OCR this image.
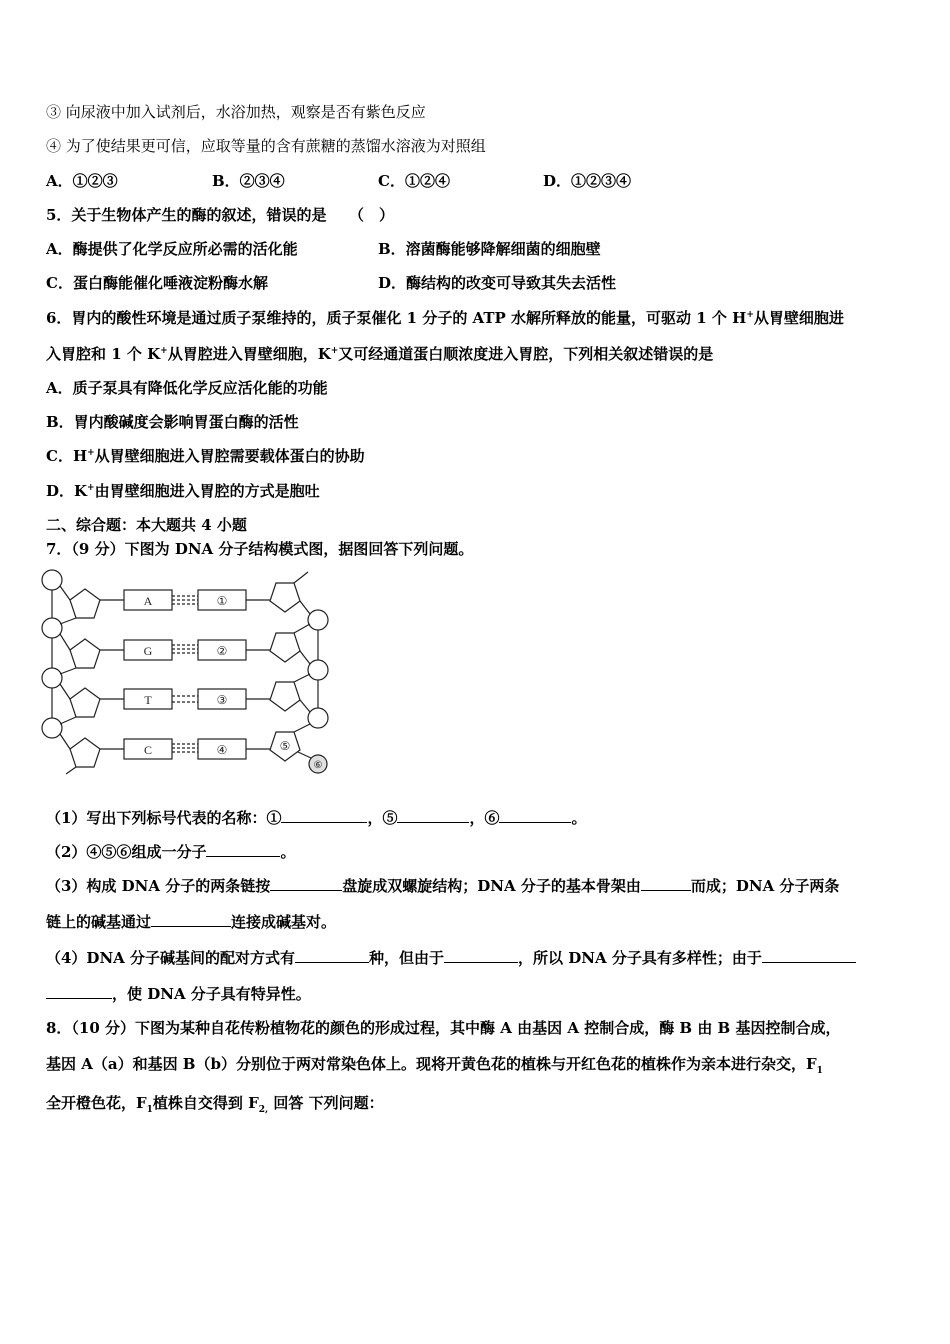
③ 向尿液中加入试剂后，水浴加热，观察是否有紫色反应
④ 为了使结果更可信，应取等量的含有蔗糖的蒸馏水溶液为对照组
A．①②③	B．②③④	C．①②④	D．①②③④
5．关于生物体产生的酶的叙述，错误的是　　（　）
A．酶提供了化学反应所必需的活化能	B．溶菌酶能够降解细菌的细胞壁
C．蛋白酶能催化唾液淀粉酶水解	D．酶结构的改变可导致其失去活性
6．胃内的酸性环境是通过质子泵维持的，质子泵催化 1 分子的 ATP 水解所释放的能量，可驱动 1 个 H+从胃壁细胞进
入胃腔和 1 个 K+从胃腔进入胃壁细胞，K+又可经通道蛋白顺浓度进入胃腔，下列相关叙述错误的是
A．质子泵具有降低化学反应活化能的功能
B．胃内酸碱度会影响胃蛋白酶的活性
C．H+从胃壁细胞进入胃腔需要载体蛋白的协助
D．K+由胃壁细胞进入胃腔的方式是胞吐
二、综合题：本大题共 4 小题
7．（9 分）下图为 DNA 分子结构模式图，据图回答下列问题。
A
G
T
C
①
②
③
④	⑤
⑥
（1）写出下列标号代表的名称：①	，⑤	，⑥	。
（2）④⑤⑥组成一分子	。
（3）构成 DNA 分子的两条链按	盘旋成双螺旋结构；DNA 分子的基本骨架由	而成；DNA 分子两条
链上的碱基通过	连接成碱基对。
（4）DNA 分子碱基间的配对方式有	种，但由于	，所以 DNA 分子具有多样性；由于
，使 DNA 分子具有特异性。
8．（10 分）下图为某种自花传粉植物花的颜色的形成过程，其中酶 A 由基因 A 控制合成，酶 B 由 B 基因控制合成，
基因 A（a）和基因 B（b）分别位于两对常染色体上。现将开黄色花的植株与开红色花的植株作为亲本进行杂交，$F_1$
全开橙色花，$F_1$植株自交得到 $F_{2,}$ 回答 下列问题：
